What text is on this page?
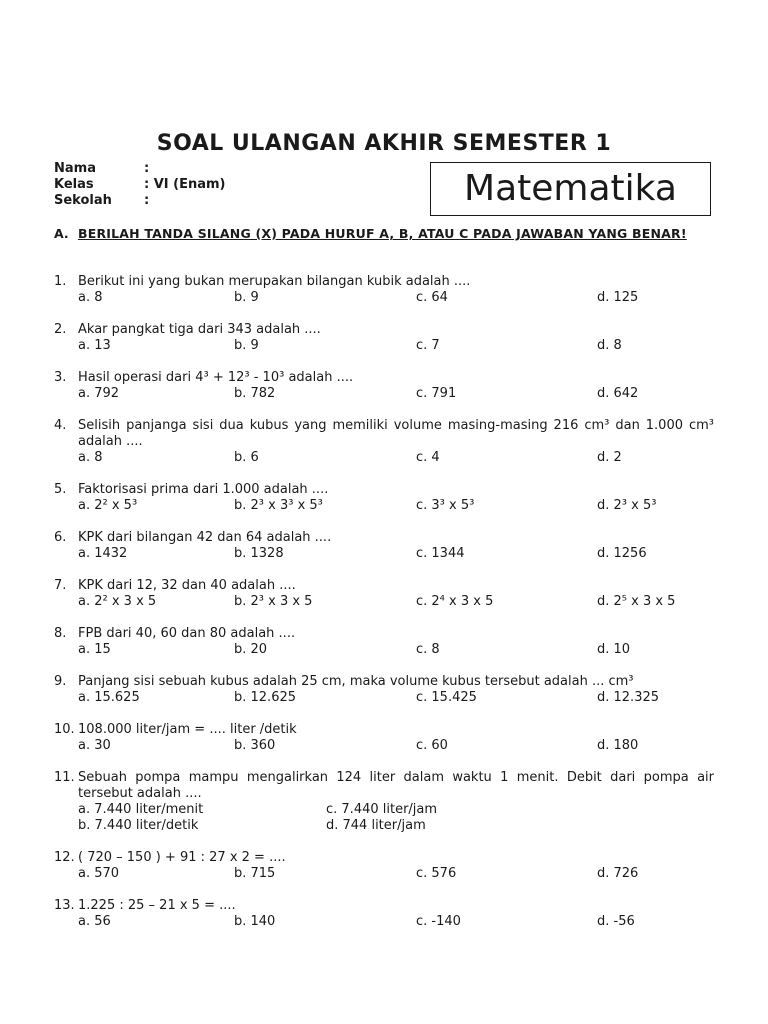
SOAL ULANGAN AKHIR SEMESTER 1
Nama	:
Kelas	: VI (Enam)
Sekolah :	Matematika
A. BERILAH TANDA SILANG (X) PADA HURUF A, B, ATAU C PADA JAWABAN YANG BENAR!
1. Berikut ini yang bukan merupakan bilangan kubik adalah ....
a. 8	b. 9	c. 64	d. 125
2. Akar pangkat tiga dari 343 adalah ....
a. 13	b. 9	c. 7	d. 8
3. Hasil operasi dari 4³ + 12³ - 10³ adalah ....
a. 792	b. 782	c. 791	d. 642
4. Selisih panjanga sisi dua kubus yang memiliki volume masing-masing 216 cm³ dan 1.000 cm³ adalah ....
a. 8	b. 6	c. 4	d. 2
5. Faktorisasi prima dari 1.000 adalah ....
a. 2² x 5³	b. 2³ x 3³ x 5³	c. 3³ x 5³	d. 2³ x 5³
6. KPK dari bilangan 42 dan 64 adalah ....
a. 1432	b. 1328	c. 1344	d. 1256
7. KPK dari 12, 32 dan 40 adalah ....
a. 2² x 3 x 5	b. 2³ x 3 x 5	c. 2⁴ x 3 x 5	d. 2⁵ x 3 x 5
8. FPB dari 40, 60 dan 80 adalah ....
a. 15	b. 20	c. 8	d. 10
9. Panjang sisi sebuah kubus adalah 25 cm, maka volume kubus tersebut adalah ... cm³
a. 15.625	b. 12.625	c. 15.425	d. 12.325
10. 108.000 liter/jam = .... liter /detik
a. 30	b. 360	c. 60	d. 180
11. Sebuah pompa mampu mengalirkan 124 liter dalam waktu 1 menit. Debit dari pompa air tersebut adalah ....
a. 7.440 liter/menit	c. 7.440 liter/jam
b. 7.440 liter/detik	d. 744 liter/jam
12. ( 720 – 150 ) + 91 : 27 x 2 = ....
a. 570	b. 715	c. 576	d. 726
13. 1.225 : 25 – 21 x 5 = ....
a. 56	b. 140	c. -140	d. -56
